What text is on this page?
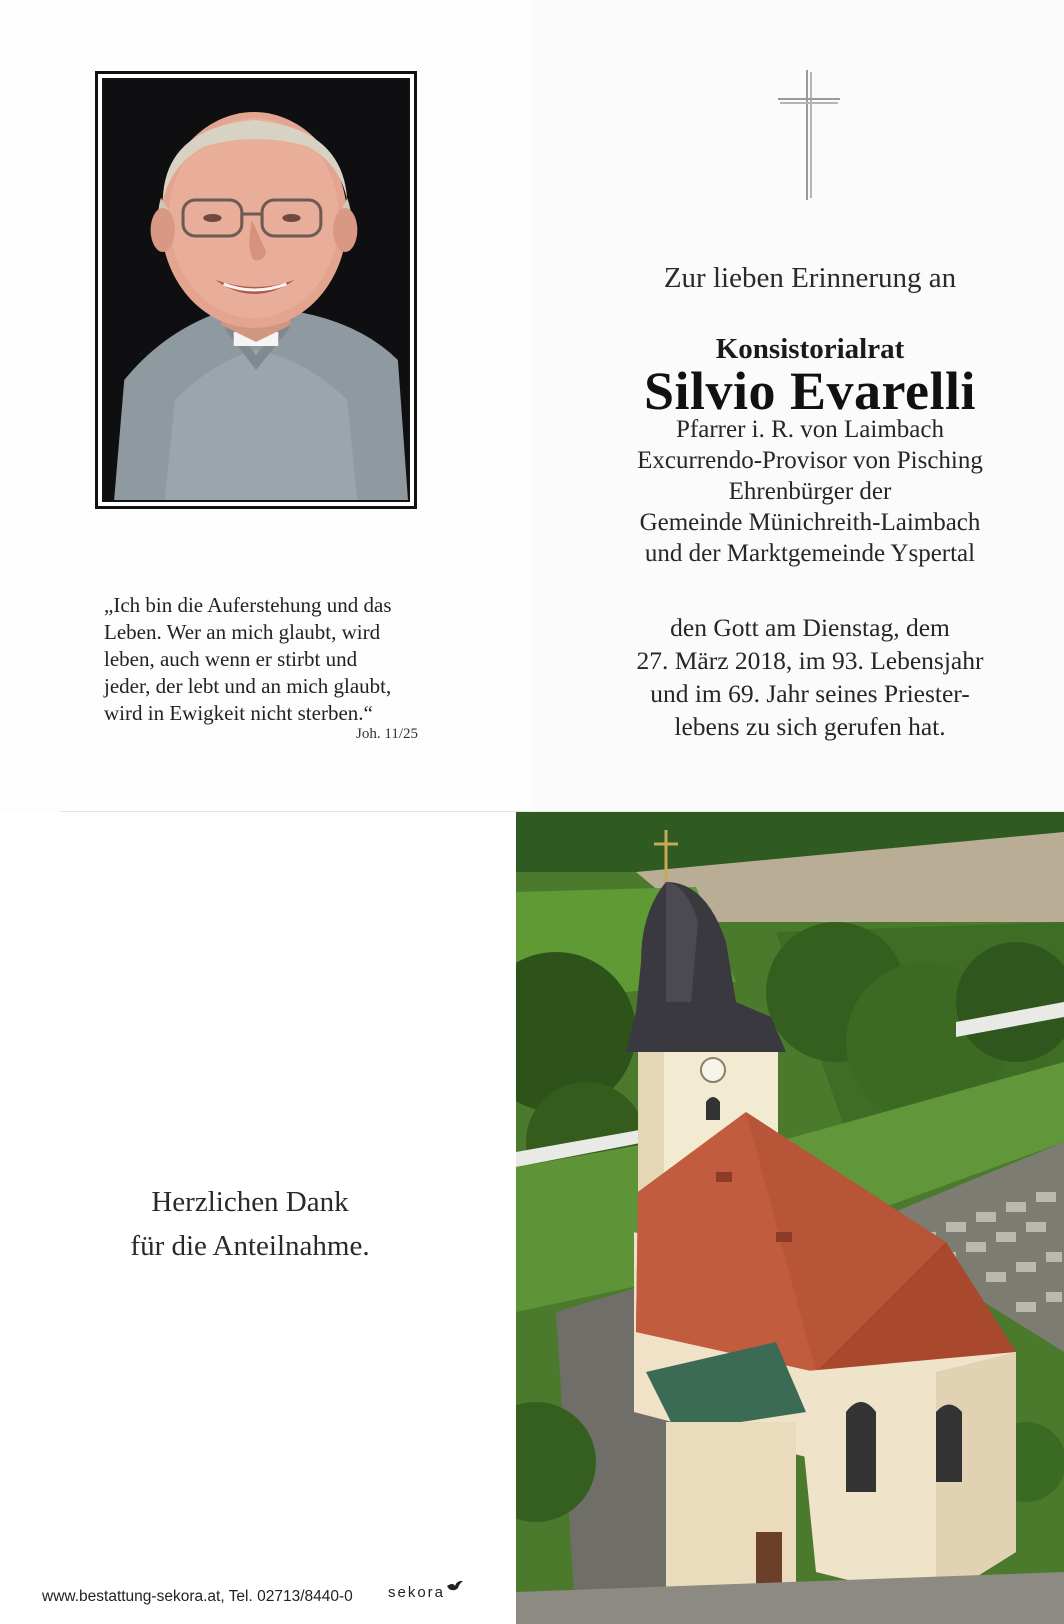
„Ich bin die Auferstehung und das
Leben. Wer an mich glaubt, wird
leben, auch wenn er stirbt und
jeder, der lebt und an mich glaubt,
wird in Ewigkeit nicht sterben.“
Joh. 11/25
Zur lieben Erinnerung an
Konsistorialrat
Silvio Evarelli
Pfarrer i. R. von Laimbach
Excurrendo-Provisor von Pisching
Ehrenbürger der
Gemeinde Münichreith-Laimbach
und der Marktgemeinde Yspertal
den Gott am Dienstag, dem
27. März 2018, im 93. Lebensjahr
und im 69. Jahr seines Priester-
lebens zu sich gerufen hat.
Herzlichen Dank
für die Anteilnahme.
www.bestattung-sekora.at, Tel. 02713/8440-0 sekora
